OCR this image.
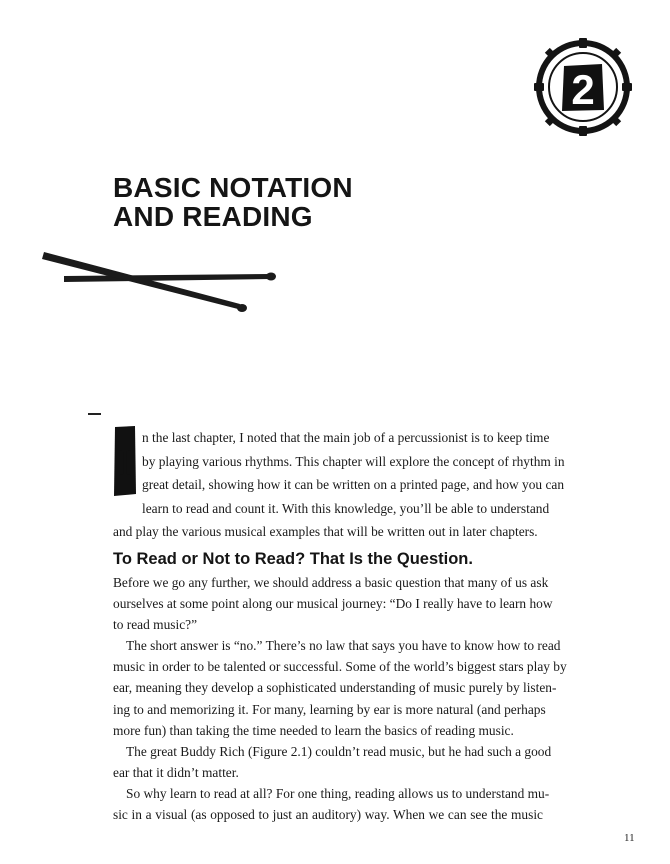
2
BASIC NOTATION
AND READING
I
n the last chapter, I noted that the main job of a percussionist is to keep time
by playing various rhythms. This chapter will explore the concept of rhythm in
great detail, showing how it can be written on a printed page, and how you can
learn to read and count it. With this knowledge, you’ll be able to understand
and play the various musical examples that will be written out in later chapters.
To Read or Not to Read? That Is the Question.
Before we go any further, we should address a basic question that many of us ask
ourselves at some point along our musical journey: “Do I really have to learn how
to read music?”
The short answer is “no.” There’s no law that says you have to know how to read
music in order to be talented or successful. Some of the world’s biggest stars play by
ear, meaning they develop a sophisticated understanding of music purely by listen-
ing to and memorizing it. For many, learning by ear is more natural (and perhaps
more fun) than taking the time needed to learn the basics of reading music.
The great Buddy Rich (Figure 2.1) couldn’t read music, but he had such a good
ear that it didn’t matter.
So why learn to read at all? For one thing, reading allows us to understand mu-
sic in a visual (as opposed to just an auditory) way. When we can see the music
11
